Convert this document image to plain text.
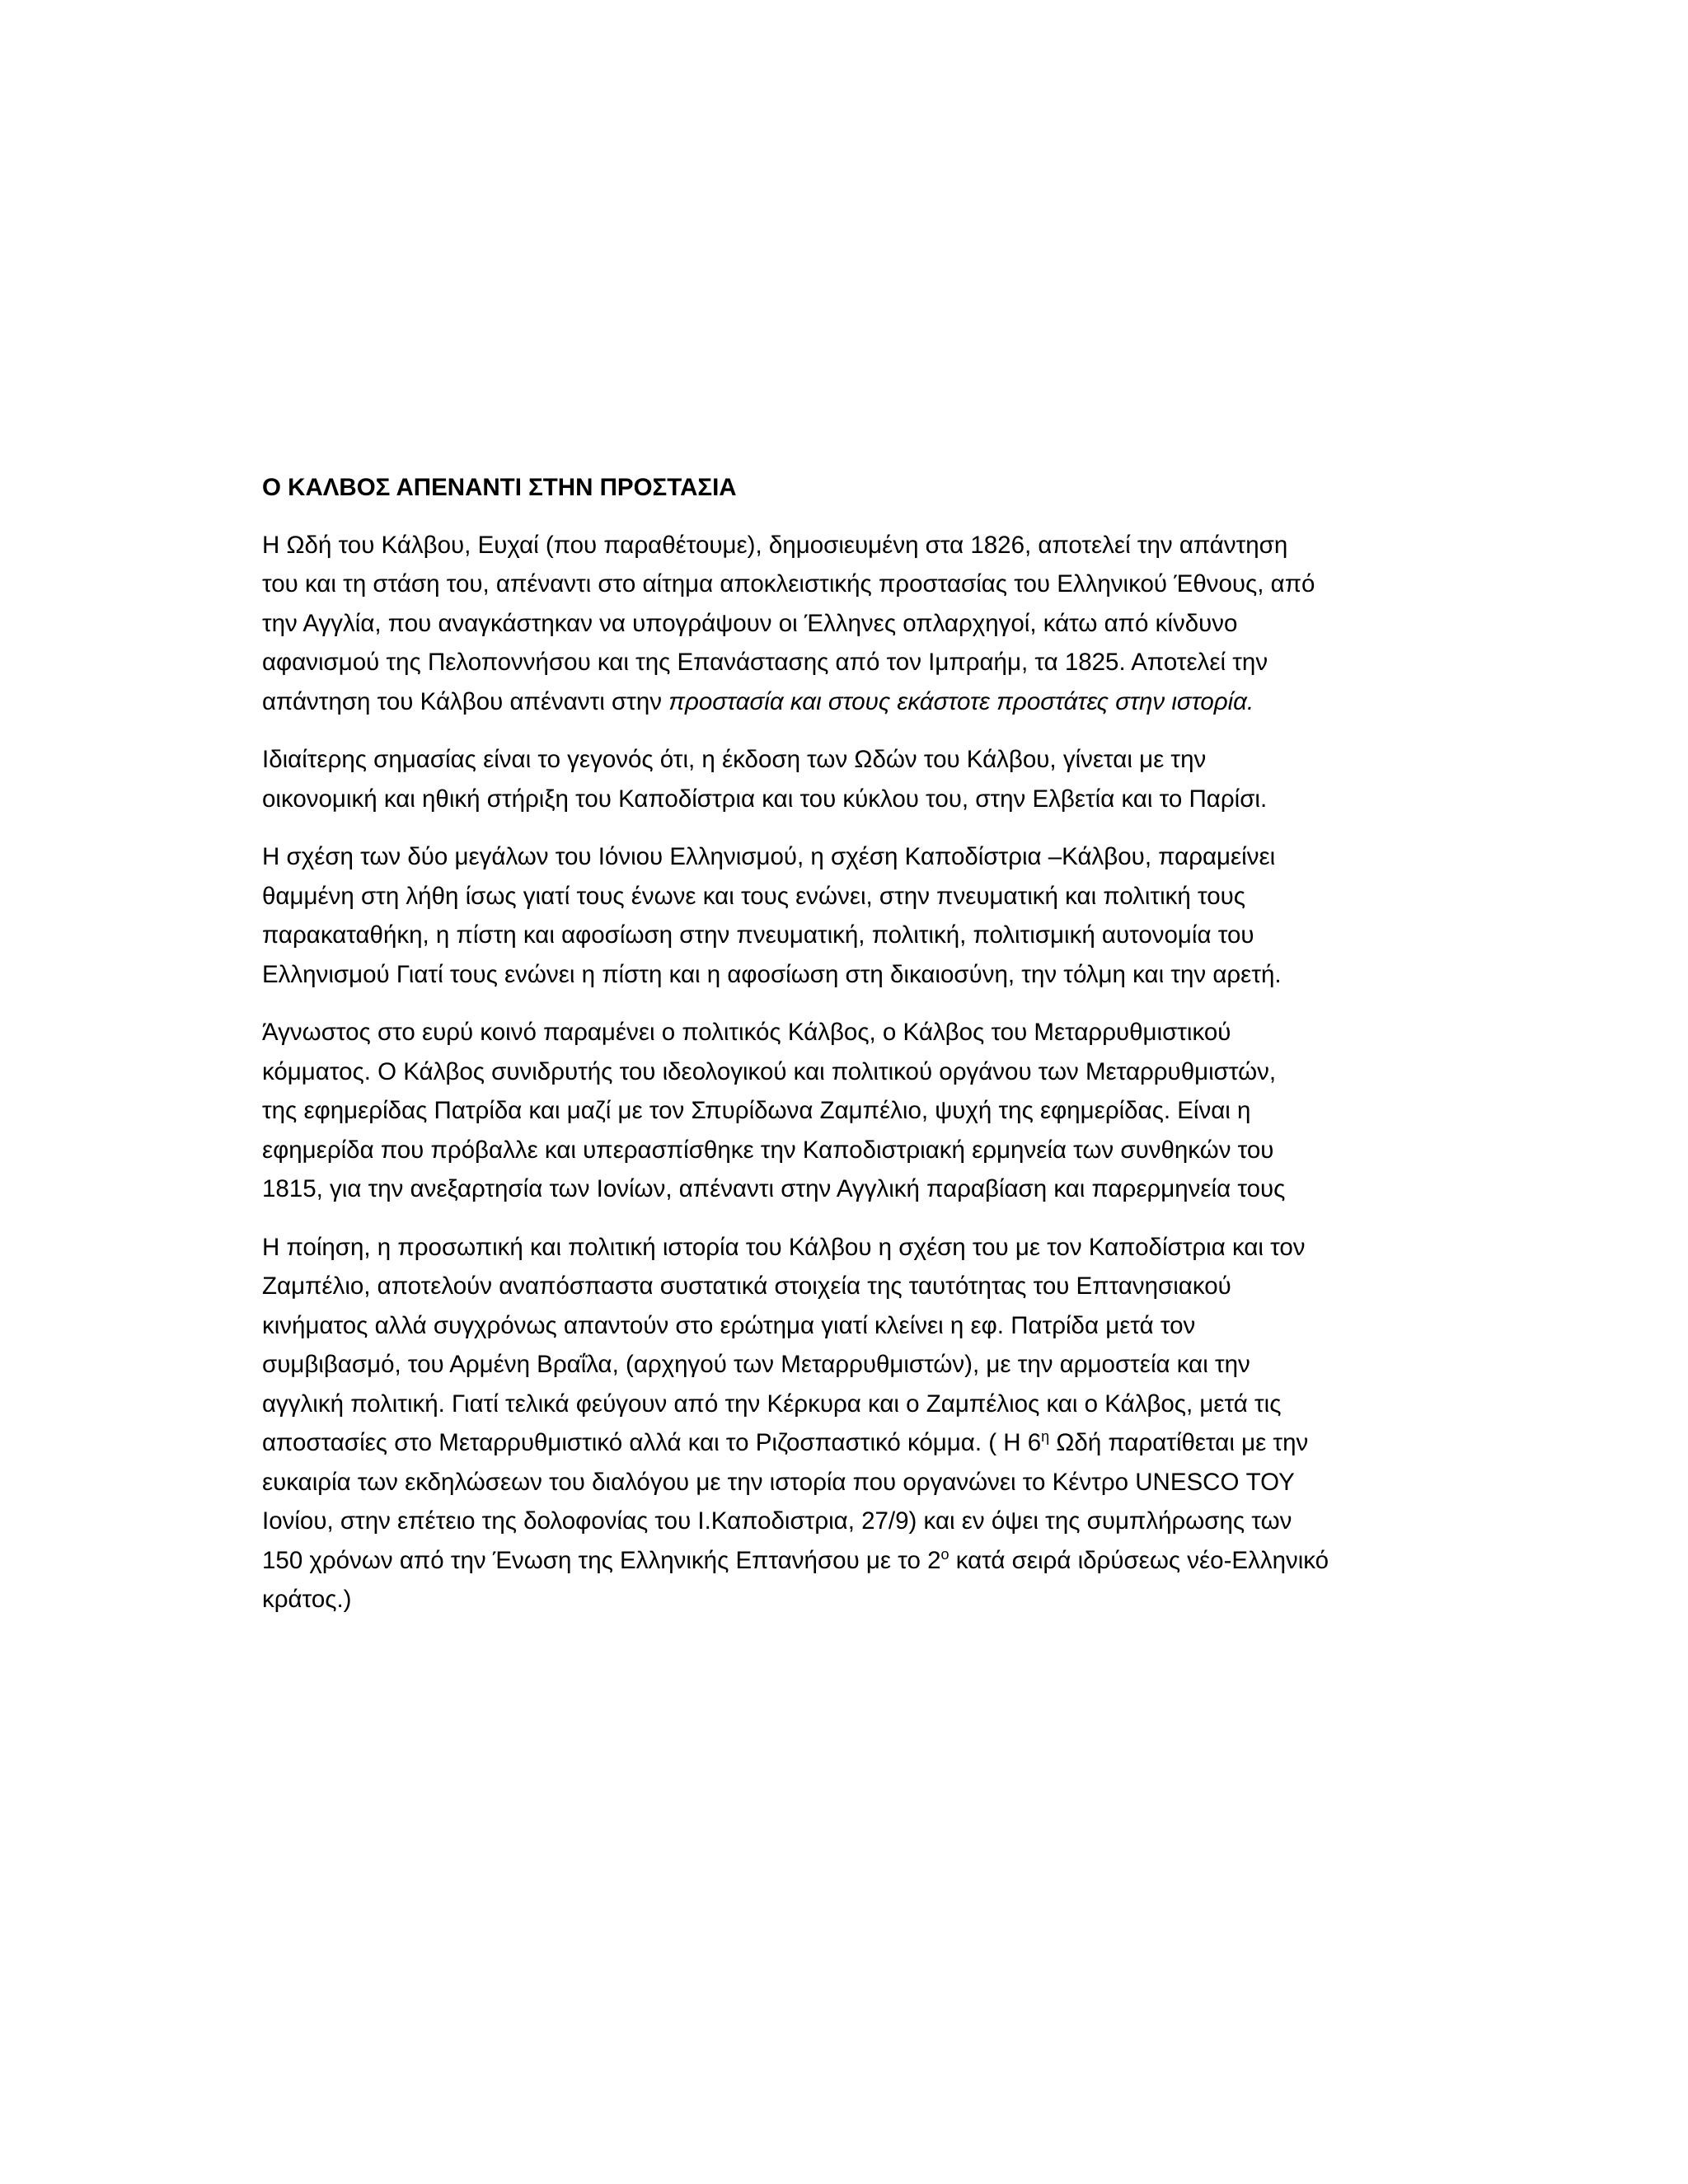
Ο ΚΑΛΒΟΣ ΑΠΕΝΑΝΤΙ ΣΤΗΝ ΠΡΟΣΤΑΣΙΑ
Η Ωδή του Κάλβου, Ευχαί (που παραθέτουμε), δημοσιευμένη στα 1826, αποτελεί την απάντηση
του και τη στάση του, απέναντι στο αίτημα αποκλειστικής προστασίας του Ελληνικού Έθνους, από
την Αγγλία, που αναγκάστηκαν να υπογράψουν οι Έλληνες οπλαρχηγοί, κάτω από κίνδυνο
αφανισμού της Πελοποννήσου και της Επανάστασης από τον Ιμπραήμ, τα 1825. Αποτελεί την
απάντηση του Κάλβου απέναντι στην προστασία και στους εκάστοτε προστάτες στην ιστορία.
Ιδιαίτερης σημασίας είναι το γεγονός ότι, η έκδοση των Ωδών του Κάλβου, γίνεται με την
οικονομική και ηθική στήριξη του Καποδίστρια και του κύκλου του, στην Ελβετία και το Παρίσι.
Η σχέση των δύο μεγάλων του Ιόνιου Ελληνισμού, η σχέση Καποδίστρια –Κάλβου, παραμείνει
θαμμένη στη λήθη ίσως γιατί τους ένωνε και τους ενώνει, στην πνευματική και πολιτική τους
παρακαταθήκη, η πίστη και αφοσίωση στην πνευματική, πολιτική, πολιτισμική αυτονομία του
Ελληνισμού Γιατί τους ενώνει η πίστη και η αφοσίωση στη δικαιοσύνη, την τόλμη και την αρετή.
Άγνωστος στο ευρύ κοινό παραμένει ο πολιτικός Κάλβος, ο Κάλβος του Μεταρρυθμιστικού
κόμματος. Ο Κάλβος συνιδρυτής του ιδεολογικού και πολιτικού οργάνου των Μεταρρυθμιστών,
της εφημερίδας Πατρίδα και μαζί με τον Σπυρίδωνα Ζαμπέλιο, ψυχή της εφημερίδας. Είναι η
εφημερίδα που πρόβαλλε και υπερασπίσθηκε την Καποδιστριακή ερμηνεία των συνθηκών του
1815, για την ανεξαρτησία των Ιονίων, απέναντι στην Αγγλική παραβίαση και παρερμηνεία τους
Η ποίηση, η προσωπική και πολιτική ιστορία του Κάλβου η σχέση του με τον Καποδίστρια και τον
Ζαμπέλιο, αποτελούν αναπόσπαστα συστατικά στοιχεία της ταυτότητας του Επτανησιακού
κινήματος αλλά συγχρόνως απαντούν στο ερώτημα γιατί κλείνει η εφ. Πατρίδα μετά τον
συμβιβασμό, του Αρμένη Βραΐλα, (αρχηγού των Μεταρρυθμιστών), με την αρμοστεία και την
αγγλική πολιτική. Γιατί τελικά φεύγουν από την Κέρκυρα και ο Ζαμπέλιος και ο Κάλβος, μετά τις
αποστασίες στο Μεταρρυθμιστικό αλλά και το Ριζοσπαστικό κόμμα. ( Η $6^\eta$ Ωδή παρατίθεται με την
ευκαιρία των εκδηλώσεων του διαλόγου με την ιστορία που οργανώνει το Κέντρο UNESCO ΤΟΥ
Ιονίου, στην επέτειο της δολοφονίας του Ι.Καποδιστρια, 27/9) και εν όψει της συμπλήρωσης των
150 χρόνων από την Ένωση της Ελληνικής Επτανήσου με το $2^o$ κατά σειρά ιδρύσεως νέο-Ελληνικό
κράτος.)
